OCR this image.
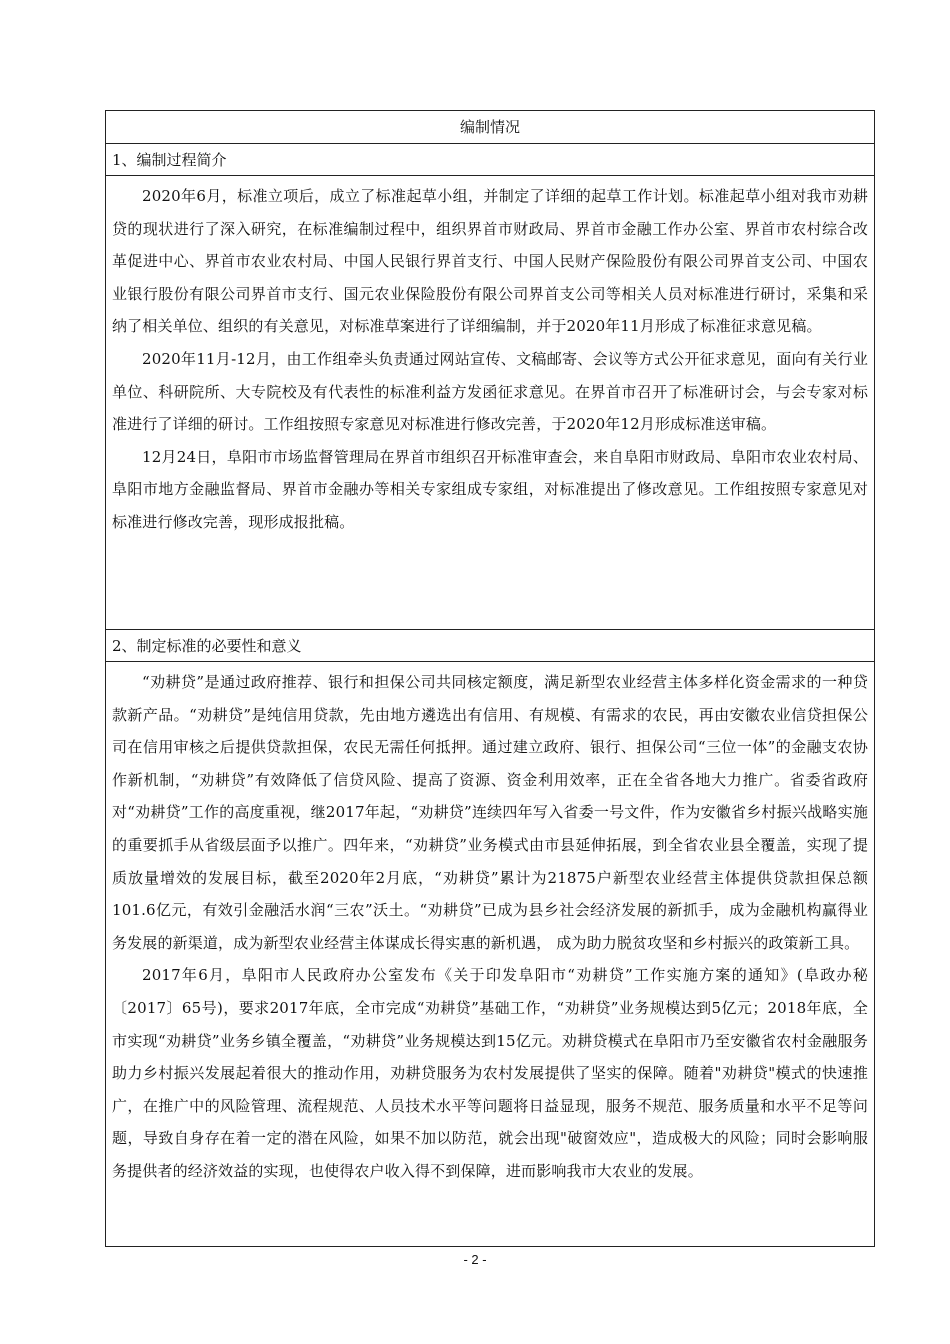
编制情况
1、编制过程简介

2020年6月，标准立项后，成立了标准起草小组，并制定了详细的起草工作计划。标准起草小组对我市劝耕贷的现状进行了深入研究，在标准编制过程中，组织界首市财政局、界首市金融工作办公室、界首市农村综合改革促进中心、界首市农业农村局、中国人民银行界首支行、中国人民财产保险股份有限公司界首支公司、中国农业银行股份有限公司界首市支行、国元农业保险股份有限公司界首支公司等相关人员对标准进行研讨，采集和采纳了相关单位、组织的有关意见，对标准草案进行了详细编制，并于2020年11月形成了标准征求意见稿。

2020年11月-12月，由工作组牵头负责通过网站宣传、文稿邮寄、会议等方式公开征求意见，面向有关行业单位、科研院所、大专院校及有代表性的标准利益方发函征求意见。在界首市召开了标准研讨会，与会专家对标准进行了详细的研讨。工作组按照专家意见对标准进行修改完善，于2020年12月形成标准送审稿。

12月24日，阜阳市市场监督管理局在界首市组织召开标准审查会，来自阜阳市财政局、阜阳市农业农村局、阜阳市地方金融监督局、界首市金融办等相关专家组成专家组，对标准提出了修改意见。工作组按照专家意见对标准进行修改完善，现形成报批稿。

2、制定标准的必要性和意义

“劝耕贷”是通过政府推荐、银行和担保公司共同核定额度，满足新型农业经营主体多样化资金需求的一种贷款新产品。“劝耕贷”是纯信用贷款，先由地方遴选出有信用、有规模、有需求的农民，再由安徽农业信贷担保公司在信用审核之后提供贷款担保，农民无需任何抵押。通过建立政府、银行、担保公司“三位一体”的金融支农协作新机制，“劝耕贷”有效降低了信贷风险、提高了资源、资金利用效率，正在全省各地大力推广。省委省政府对“劝耕贷”工作的高度重视，继2017年起，“劝耕贷”连续四年写入省委一号文件，作为安徽省乡村振兴战略实施的重要抓手从省级层面予以推广。四年来，“劝耕贷”业务模式由市县延伸拓展，到全省农业县全覆盖，实现了提质放量增效的发展目标，截至2020年2月底，“劝耕贷”累计为21875户新型农业经营主体提供贷款担保总额101.6亿元，有效引金融活水润“三农”沃土。“劝耕贷”已成为县乡社会经济发展的新抓手，成为金融机构赢得业务发展的新渠道，成为新型农业经营主体谋成长得实惠的新机遇， 成为助力脱贫攻坚和乡村振兴的政策新工具。

2017年6月，阜阳市人民政府办公室发布《关于印发阜阳市“劝耕贷”工作实施方案的通知》(阜政办秘〔2017〕65号)，要求2017年底，全市完成“劝耕贷”基础工作，“劝耕贷”业务规模达到5亿元；2018年底，全市实现“劝耕贷”业务乡镇全覆盖，“劝耕贷”业务规模达到15亿元。劝耕贷模式在阜阳市乃至安徽省农村金融服务助力乡村振兴发展起着很大的推动作用，劝耕贷服务为农村发展提供了坚实的保障。随着"劝耕贷"模式的快速推广，在推广中的风险管理、流程规范、人员技术水平等问题将日益显现，服务不规范、服务质量和水平不足等问题，导致自身存在着一定的潜在风险，如果不加以防范，就会出现"破窗效应"，造成极大的风险；同时会影响服务提供者的经济效益的实现，也使得农户收入得不到保障，进而影响我市大农业的发展。

- 2 -
